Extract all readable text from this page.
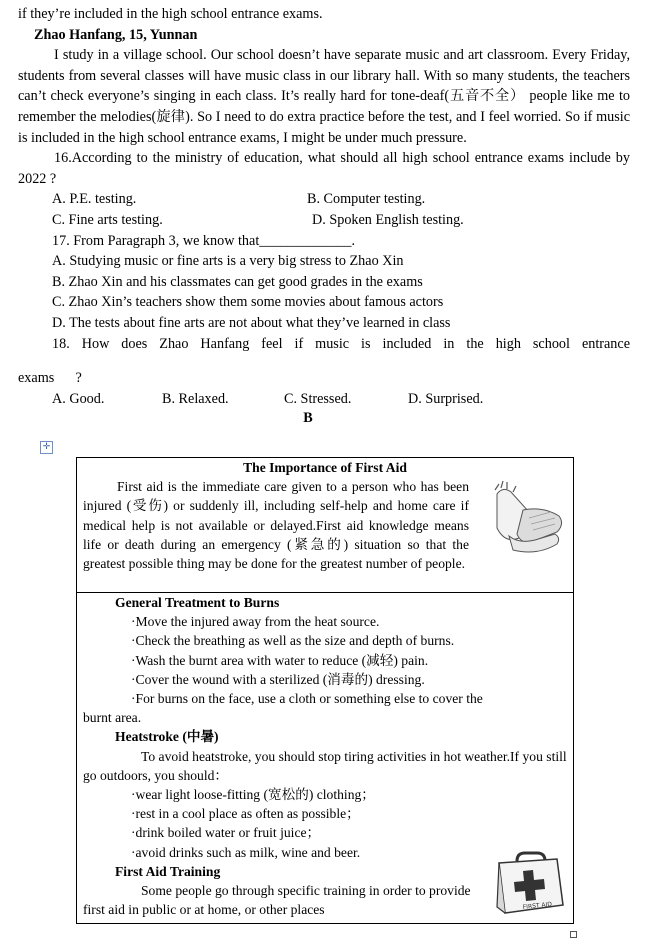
if they’re included in the high school entrance exams.

Zhao Hanfang, 15, Yunnan

I study in a village school. Our school doesn’t have separate music and art classroom. Every Friday, students from several classes will have music class in our library hall. With so many students, the teachers can’t check everyone’s singing in each class. It’s really hard for tone-deaf(五音不全） people like me to remember the melodies(旋律). So I need to do extra practice before the test, and I feel worried. So if music is included in the high school entrance exams, I might be under much pressure.

16.According to the ministry of education, what should all high school entrance exams include by 2022 ?

A. P.E. testing.	B. Computer testing.
C. Fine arts testing.	D. Spoken English testing.

17. From Paragraph 3, we know that_____________.

A. Studying music or fine arts is a very big stress to Zhao Xin

B. Zhao Xin and his classmates can get good grades in the exams

C. Zhao Xin’s teachers show them some movies about famous actors

D. The tests about fine arts are not about what they’ve learned in class

18. How does Zhao Hanfang feel if music is included in the high school entrance

exams      ?

A. Good.	B. Relaxed.	C. Stressed.	D. Surprised.

B

✛
The Importance of First Aid

First aid is the immediate care given to a person who has been injured (受伤) or suddenly ill, including self-help and home care if medical help is not available or delayed.First aid knowledge means life or death during an emergency (紧急的) situation so that the greatest possible thing may be done for the greatest number of people.

General Treatment to Burns
·Move the injured away from the heat source.
·Check the breathing as well as the size and depth of burns.
·Wash the burnt area with water to reduce (减轻) pain.
·Cover the wound with a sterilized (消毒的) dressing.
·For burns on the face, use a cloth or something else to cover the
burnt area.
Heatstroke (中暑)

To avoid heatstroke, you should stop tiring activities in hot weather.If you still go outdoors, you should：

·wear light loose-fitting (宽松的) clothing；
·rest in a cool place as often as possible；
·drink boiled water or fruit juice；
·avoid drinks such as milk, wine and beer.
First Aid Training

Some people go through specific training in order to provide first aid in public or at home, or other places	FIRST AID
